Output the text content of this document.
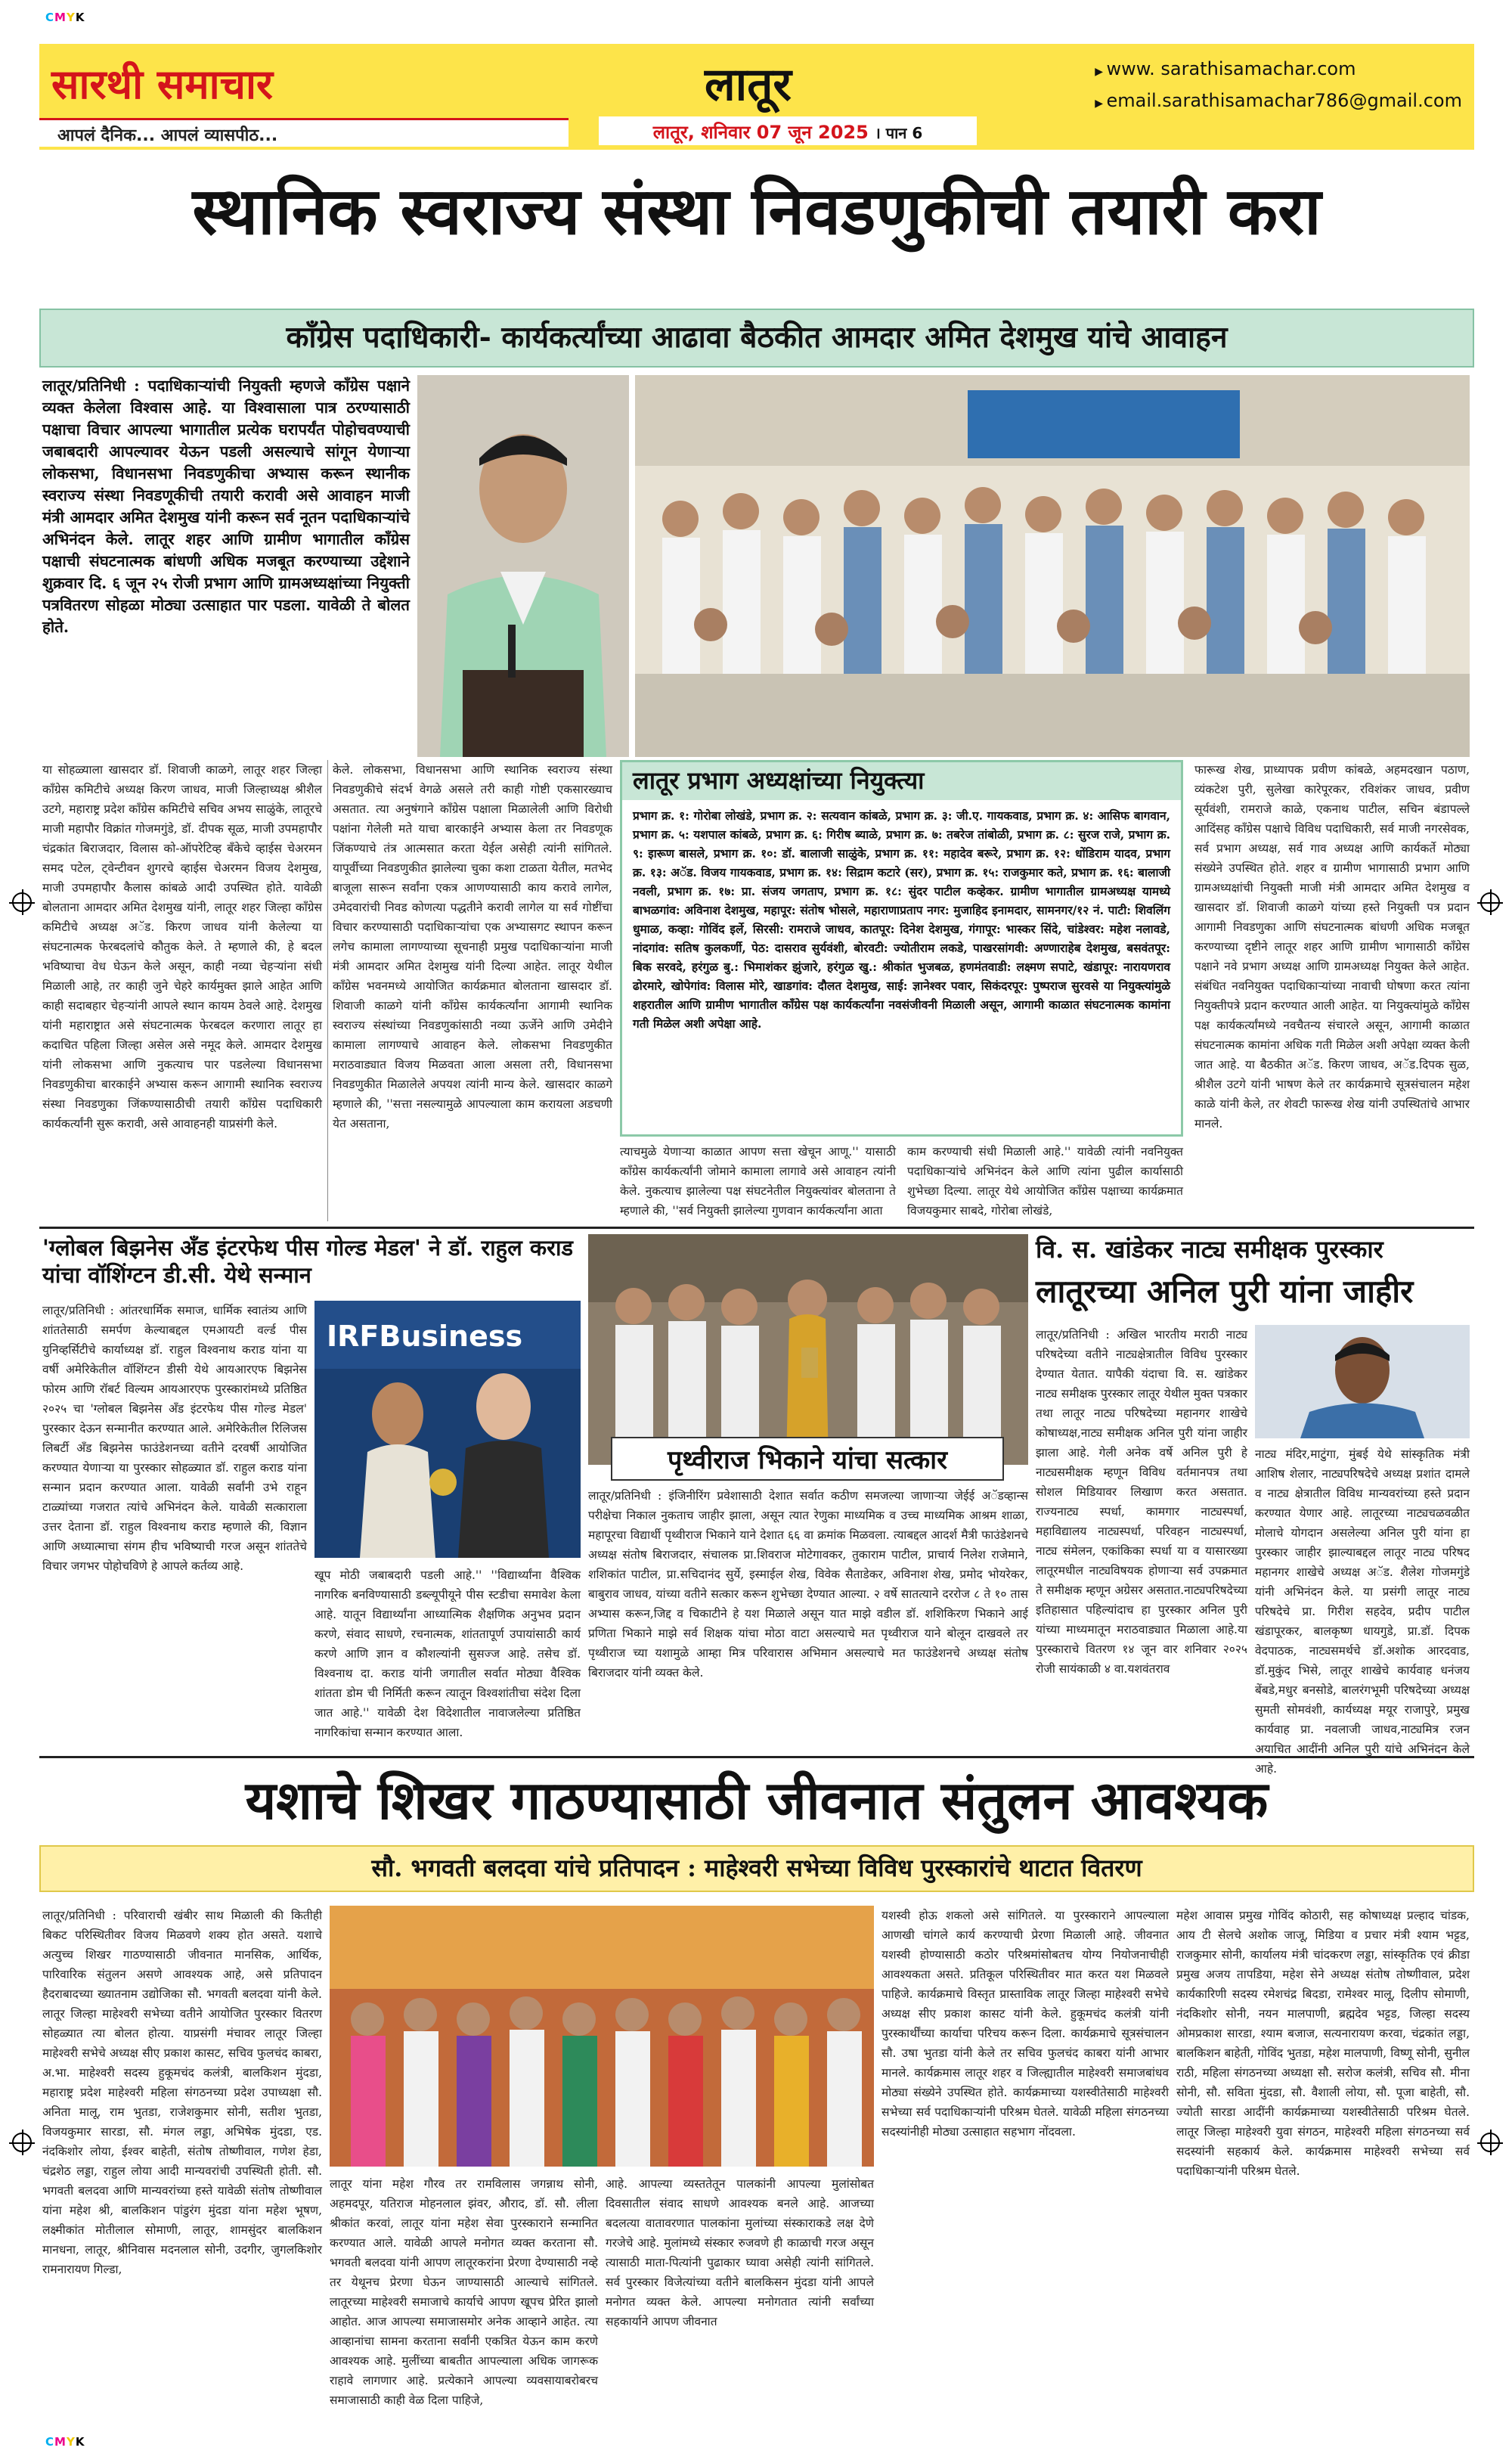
CMYK
CMYK
सारथी समाचार
आपलं दैनिक... आपलं व्यासपीठ...
लातूर
लातूर, शनिवार 07 जून 2025 । पान 6
▶ www. sarathisamachar.com
▶ email.sarathisamachar786@gmail.com
स्थानिक स्वराज्य संस्था निवडणुकीची तयारी करा
काँग्रेस पदाधिकारी- कार्यकर्त्यांच्या आढावा बैठकीत आमदार अमित देशमुख यांचे आवाहन
लातूर/प्रतिनिधी : पदाधिकाऱ्यांची नियुक्ती म्हणजे काँग्रेस पक्षाने व्यक्त केलेला विश्वास आहे. या विश्वासाला पात्र ठरण्यासाठी पक्षाचा विचार आपल्या भागातील प्रत्येक घरापर्यंत पोहोचवण्याची जबाबदारी आपल्यावर येऊन पडली असल्याचे सांगून येणाऱ्या लोकसभा, विधानसभा निवडणुकीचा अभ्यास करून स्थानीक स्वराज्य संस्था निवडणूकीची तयारी करावी असे आवाहन माजी मंत्री आमदार अमित देशमुख यांनी करून सर्व नूतन पदाधिकाऱ्यांचे अभिनंदन केले. लातूर शहर आणि ग्रामीण भागातील काँग्रेस पक्षाची संघटनात्मक बांधणी अधिक मजबूत करण्याच्या उद्देशाने शुक्रवार दि. ६ जून २५ रोजी प्रभाग आणि ग्रामअध्यक्षांच्या नियुक्ती पत्रवितरण सोहळा मोठ्या उत्साहात पार पडला. यावेळी ते बोलत होते.
या सोहळ्याला खासदार डॉ. शिवाजी काळगे, लातूर शहर जिल्हा काँग्रेस कमिटीचे अध्यक्ष किरण जाधव, माजी जिल्हाध्यक्ष श्रीशैल उटगे, महाराष्ट्र प्रदेश काँग्रेस कमिटीचे सचिव अभय साळुंके, लातूरचे माजी महापौर विक्रांत गोजमगुंडे, डॉ. दीपक सूळ, माजी उपमहापौर चंद्रकांत बिराजदार, विलास को-ऑपरेटिव्ह बँकेचे व्हाईस चेअरमन समद पटेल, ट्वेन्टीवन शुगरचे व्हाईस चेअरमन विजय देशमुख, माजी उपमहापौर कैलास कांबळे आदी उपस्थित होते. यावेळी बोलताना आमदार अमित देशमुख यांनी, लातूर शहर जिल्हा काँग्रेस कमिटीचे अध्यक्ष अॅड. किरण जाधव यांनी केलेल्या या संघटनात्मक फेरबदलांचे कौतुक केले. ते म्हणाले की, हे बदल भविष्याचा वेध घेऊन केले असून, काही नव्या चेहऱ्यांना संधी मिळाली आहे, तर काही जुने चेहरे कार्यमुक्त झाले आहेत आणि काही सदाबहार चेहऱ्यांनी आपले स्थान कायम ठेवले आहे. देशमुख यांनी महाराष्ट्रात असे संघटनात्मक फेरबदल करणारा लातूर हा कदाचित पहिला जिल्हा असेल असे नमूद केले. आमदार देशमुख यांनी लोकसभा आणि नुकत्याच पार पडलेल्या विधानसभा निवडणुकीचा बारकाईने अभ्यास करून आगामी स्थानिक स्वराज्य संस्था निवडणुका जिंकण्यासाठीची तयारी काँग्रेस पदाधिकारी कार्यकर्त्यांनी सुरू करावी, असे आवाहनही याप्रसंगी केले.
केले. लोकसभा, विधानसभा आणि स्थानिक स्वराज्य संस्था निवडणुकीचे संदर्भ वेगळे असले तरी काही गोष्टी एकसारख्याच असतात. त्या अनुषंगाने काँग्रेस पक्षाला मिळालेली आणि विरोधी पक्षांना गेलेली मते याचा बारकाईने अभ्यास केला तर निवडणूक जिंकण्याचे तंत्र आत्मसात करता येईल असेही त्यांनी सांगितले. यापूर्वीच्या निवडणुकीत झालेल्या चुका कशा टाळता येतील, मतभेद बाजूला सारून सर्वांना एकत्र आणण्यासाठी काय करावे लागेल, उमेदवारांची निवड कोणत्या पद्धतीने करावी लागेल या सर्व गोष्टींचा विचार करण्यासाठी पदाधिकाऱ्यांचा एक अभ्यासगट स्थापन करून लगेच कामाला लागण्याच्या सूचनाही प्रमुख पदाधिकाऱ्यांना माजी मंत्री आमदार अमित देशमुख यांनी दिल्या आहेत. लातूर येथील काँग्रेस भवनमध्ये आयोजित कार्यक्रमात बोलताना खासदार डॉ. शिवाजी काळगे यांनी काँग्रेस कार्यकर्त्यांना आगामी स्थानिक स्वराज्य संस्थांच्या निवडणुकांसाठी नव्या ऊर्जेने आणि उमेदीने कामाला लागण्याचे आवाहन केले. लोकसभा निवडणुकीत मराठवाड्यात विजय मिळवता आला असला तरी, विधानसभा निवडणुकीत मिळालेले अपयश त्यांनी मान्य केले. खासदार काळगे म्हणाले की, ''सत्ता नसल्यामुळे आपल्याला काम करायला अडचणी येत असताना,
लातूर प्रभाग अध्यक्षांच्या नियुक्त्या
प्रभाग क्र. १: गोरोबा लोखंडे, प्रभाग क्र. २: सत्यवान कांबळे, प्रभाग क्र. ३: जी.ए. गायकवाड, प्रभाग क्र. ४: आसिफ बागवान, प्रभाग क्र. ५: यशपाल कांबळे, प्रभाग क्र. ६: गिरीष ब्याळे, प्रभाग क्र. ७: तबरेज तांबोळी, प्रभाग क्र. ८: सुरज राजे, प्रभाग क्र. ९: इारूण बासले, प्रभाग क्र. १०: डॉ. बालाजी साळुंके, प्रभाग क्र. ११: महादेव बरूरे, प्रभाग क्र. १२: धोंडिराम यादव, प्रभाग क्र. १३: अॅड. विजय गायकवाड, प्रभाग क्र. १४: सिद्राम कटारे (सर), प्रभाग क्र. १५: राजकुमार कते, प्रभाग क्र. १६: बालाजी नवली, प्रभाग क्र. १७: प्रा. संजय जगताप, प्रभाग क्र. १८: सुंदर पाटील कव्हेकर. ग्रामीण भागातील ग्रामअध्यक्ष यामध्ये बाभळगांव: अविनाश देशमुख, महापूर: संतोष भोसले, महाराणाप्रताप नगर: मुजाहिद इनामदार, सामनगर/१२ नं. पाटी: शिवलिंग धुमाळ, कव्हा: गोविंद इर्ले, सिरसी: रामराजे जाधव, कातपूर: दिनेश देशमुख, गंगापूर: भास्कर सिंदे, चांडेश्वर: महेश नलावडे, नांदगांव: सतिष कुलकर्णी, पेठ: दासराव सुर्यवंशी, बोरवटी: ज्योतीराम लकडे, पाखरसांगवी: अण्णाराहेब देशमुख, बसवंतपूर: बिक सरवदे, हरंगुळ बु.: भिमाशंकर झुंजारे, हरंगुळ खु.: श्रीकांत भुजबळ, हणमंतवाडी: लक्ष्मण सपाटे, खंडापूर: नारायणराव ढोरमारे, खोपेगांव: विलास मोरे, खाडगांव: दौलत देशमुख, साई: ज्ञानेश्वर पवार, सिकंदरपूर: पुष्पराज सुरवसे या नियुक्त्यांमुळे शहरातील आणि ग्रामीण भागातील काँग्रेस पक्ष कार्यकर्त्यांना नवसंजीवनी मिळाली असून, आगामी काळात संघटनात्मक कामांना गती मिळेल अशी अपेक्षा आहे.
त्याचमुळे येणाऱ्या काळात आपण सत्ता खेचून आणू.'' यासाठी काँग्रेस कार्यकर्त्यांनी जोमाने कामाला लागावे असे आवाहन त्यांनी केले. नुकत्याच झालेल्या पक्ष संघटनेतील नियुक्त्यांवर बोलताना ते म्हणाले की, ''सर्व नियुक्ती झालेल्या गुणवान कार्यकर्त्यांना आता
काम करण्याची संधी मिळाली आहे.'' यावेळी त्यांनी नवनियुक्त पदाधिकाऱ्यांचे अभिनंदन केले आणि त्यांना पुढील कार्यासाठी शुभेच्छा दिल्या. लातूर येथे आयोजित काँग्रेस पक्षाच्या कार्यक्रमात विजयकुमार साबदे, गोरोबा लोखंडे,
फारूख शेख, प्राध्यापक प्रवीण कांबळे, अहमदखान पठाण, व्यंकटेश पुरी, सुलेखा कारेपूरकर, रविशंकर जाधव, प्रवीण सूर्यवंशी, रामराजे काळे, एकनाथ पाटील, सचिन बंडापल्ले आदिंसह काँग्रेस पक्षाचे विविध पदाधिकारी, सर्व माजी नगरसेवक, सर्व प्रभाग अध्यक्ष, सर्व गाव अध्यक्ष आणि कार्यकर्ते मोठ्या संख्येने उपस्थित होते. शहर व ग्रामीण भागासाठी प्रभाग आणि ग्रामअध्यक्षांची नियुक्ती माजी मंत्री आमदार अमित देशमुख व खासदार डॉ. शिवाजी काळगे यांच्या हस्ते नियुक्ती पत्र प्रदान आगामी निवडणुका आणि संघटनात्मक बांधणी अधिक मजबूत करण्याच्या दृष्टीने लातूर शहर आणि ग्रामीण भागासाठी काँग्रेस पक्षाने नवे प्रभाग अध्यक्ष आणि ग्रामअध्यक्ष नियुक्त केले आहेत. संबंधित नवनियुक्त पदाधिकाऱ्यांच्या नावाची घोषणा करत त्यांना नियुक्तीपत्रे प्रदान करण्यात आली आहेत. या नियुक्त्यांमुळे काँग्रेस पक्ष कार्यकर्त्यांमध्ये नवचैतन्य संचारले असून, आगामी काळात संघटनात्मक कामांना अधिक गती मिळेल अशी अपेक्षा व्यक्त केली जात आहे. या बैठकीत अॅड. किरण जाधव, अॅड.दिपक सुळ, श्रीशैल उटगे यांनी भाषण केले तर कार्यक्रमाचे सूत्रसंचालन महेश काळे यांनी केले, तर शेवटी फारूख शेख यांनी उपस्थितांचे आभार मानले.
'ग्लोबल बिझनेस अँड इंटरफेथ पीस गोल्ड मेडल' ने डॉ. राहुल कराड यांचा वॉशिंग्टन डी.सी. येथे सन्मान
लातूर/प्रतिनिधी : आंतरधार्मिक समाज, धार्मिक स्वातंत्र्य आणि शांततेसाठी समर्पण केल्याबद्दल एमआयटी वर्ल्ड पीस युनिव्हर्सिटीचे कार्याध्यक्ष डॉ. राहुल विश्वनाथ कराड यांना या वर्षी अमेरिकेतील वॉशिंग्टन डीसी येथे आयआरएफ बिझनेस फोरम आणि रॉबर्ट विल्यम आयआरएफ पुरस्कारांमध्ये प्रतिष्ठित २०२५ चा 'ग्लोबल बिझनेस अँड इंटरफेथ पीस गोल्ड मेडल' पुरस्कार देऊन सन्मानीत करण्यात आले. अमेरिकेतील रिलिजस लिबर्टी अँड बिझनेस फाउंडेशनच्या वतीने दरवर्षी आयोजित करण्यात येणाऱ्या या पुरस्कार सोहळ्यात डॉ. राहुल कराड यांना सन्मान प्रदान करण्यात आला. यावेळी सर्वांनी उभे राहून टाळ्यांच्या गजरात त्यांचे अभिनंदन केले. यावेळी सत्काराला उत्तर देताना डॉ. राहुल विश्वनाथ कराड म्हणाले की, विज्ञान आणि अध्यात्माचा संगम हीच भविष्याची गरज असून शांततेचे विचार जगभर पोहोचविणे हे आपले कर्तव्य आहे.
IRFBusiness
खूप मोठी जबाबदारी पडली आहे.'' ''विद्यार्थ्यांना वैश्विक नागरिक बनविण्यासाठी डब्ल्यूपीयूने पीस स्टडीचा समावेश केला आहे. यातून विद्यार्थ्यांना आध्यात्मिक शैक्षणिक अनुभव प्रदान करणे, संवाद साधणे, रचनात्मक, शांततापूर्ण उपायांसाठी कार्य करणे आणि ज्ञान व कौशल्यांनी सुसज्ज आहे. तसेच डॉ. विश्वनाथ दा. कराड यांनी जगातील सर्वात मोठ्या वैश्विक शांतता डोम ची निर्मिती करून त्यातून विश्वशांतीचा संदेश दिला जात आहे.'' यावेळी देश विदेशातील नावाजलेल्या प्रतिष्ठित नागरिकांचा सन्मान करण्यात आला.
पृथ्वीराज भिकाने यांचा सत्कार
लातूर/प्रतिनिधी : इंजिनीरिंग प्रवेशासाठी देशात सर्वात कठीण समजल्या जाणाऱ्या जेईई अॅडव्हान्स परीक्षेचा निकाल नुकताच जाहीर झाला, असून त्यात रेणुका माध्यमिक व उच्च माध्यमिक आश्रम शाळा, महापूरचा विद्यार्थी पृथ्वीराज भिकाने याने देशात ६६ वा क्रमांक मिळवला. त्याबद्दल आदर्श मैत्री फाउंडेशनचे अध्यक्ष संतोष बिराजदार, संचालक प्रा.शिवराज मोटेगावकर, तुकाराम पाटील, प्राचार्य निलेश राजेमाने, शशिकांत पाटील, प्रा.सचिदानंद सुर्ये, इस्माईल शेख, विवेक सैताडेकर, अविनाश शेख, प्रमोद भोयरेकर, बाबुराव जाधव, यांच्या वतीने सत्कार करून शुभेच्छा देण्यात आल्या. २ वर्षे सातत्याने दररोज ८ ते १० तास अभ्यास करून,जिद्द व चिकाटीने हे यश मिळाले असून यात माझे वडील डॉ. शशिकिरण भिकाने आई प्रणिता भिकाने माझे सर्व शिक्षक यांचा मोठा वाटा असल्याचे मत पृथ्वीराज याने बोलून दाखवले तर पृथ्वीराज च्या यशामुळे आम्हा मित्र परिवारास अभिमान असल्याचे मत फाउंडेशनचे अध्यक्ष संतोष बिराजदार यांनी व्यक्त केले.
वि. स. खांडेकर नाट्य समीक्षक पुरस्कार
लातूरच्या अनिल पुरी यांना जाहीर
लातूर/प्रतिनिधी : अखिल भारतीय मराठी नाट्य परिषदेच्या वतीने नाट्यक्षेत्रातील विविध पुरस्कार देण्यात येतात. यापैकी यंदाचा वि. स. खांडेकर नाट्य समीक्षक पुरस्कार लातूर येथील मुक्त पत्रकार तथा लातूर नाट्य परिषदेच्या महानगर शाखेचे कोषाध्यक्ष,नाट्य समीक्षक अनिल पुरी यांना जाहीर झाला आहे. गेली अनेक वर्षे अनिल पुरी हे नाट्यसमीक्षक म्हणून विविध वर्तमानपत्र तथा सोशल मिडियावर लिखाण करत असतात. राज्यनाट्य स्पर्धा, कामगार नाट्यस्पर्धा, महाविद्यालय नाट्यस्पर्धा, परिवहन नाट्यस्पर्धा, नाट्य संमेलन, एकांकिका स्पर्धा या व यासारख्या लातूरमधील नाट्यविषयक होणाऱ्या सर्व उपक्रमात ते समीक्षक म्हणून अग्रेसर असतात.नाट्यपरिषदेच्या इतिहासात पहिल्यांदाच हा पुरस्कार अनिल पुरी यांच्या माध्यमातून मराठवाड्यात मिळाला आहे.या पुरस्काराचे वितरण १४ जून वार शनिवार २०२५ रोजी सायंकाळी ४ वा.यशवंतराव
नाट्य मंदिर,माटुंगा, मुंबई येथे सांस्कृतिक मंत्री आशिष शेलार, नाट्यपरिषदेचे अध्यक्ष प्रशांत दामले व नाट्य क्षेत्रातील विविध मान्यवरांच्या हस्ते प्रदान करण्यात येणार आहे. लातूरच्या नाट्यचळवळीत मोलाचे योगदान असलेल्या अनिल पुरी यांना हा पुरस्कार जाहीर झाल्याबद्दल लातूर नाट्य परिषद महानगर शाखेचे अध्यक्ष अॅड. शैलेश गोजमगुंडे यांनी अभिनंदन केले. या प्रसंगी लातूर नाट्य परिषदेचे प्रा. गिरीश सहदेव, प्रदीप पाटील खंडापूरकर, बालकृष्ण धायगुडे, प्रा.डॉ. दिपक वेदपाठक, नाट्यसमर्थचे डॉ.अशोक आरदवाड, डॉ.मुकुंद भिसे, लातूर शाखेचे कार्यवाह धनंजय बेंबडे,मधुर बनसोडे, बालरंगभूमी परिषदेच्या अध्यक्ष सुमती सोमवंशी, कार्यध्यक्ष मयूर राजापुरे, प्रमुख कार्यवाह प्रा. नवलाजी जाधव,नाट्यमित्र रजन अयाचित आदींनी अनिल पुरी यांचे अभिनंदन केले आहे.
यशाचे शिखर गाठण्यासाठी जीवनात संतुलन आवश्यक
सौ. भगवती बलदवा यांचे प्रतिपादन : माहेश्वरी सभेच्या विविध पुरस्कारांचे थाटात वितरण
लातूर/प्रतिनिधी : परिवाराची खंबीर साथ मिळाली की कितीही बिकट परिस्थितीवर विजय मिळवणे शक्य होत असते. यशाचे अत्युच्च शिखर गाठण्यासाठी जीवनात मानसिक, आर्थिक, पारिवारिक संतुलन असणे आवश्यक आहे, असे प्रतिपादन हैदराबादच्या ख्यातनाम उद्योजिका सौ. भगवती बलदवा यांनी केले. लातूर जिल्हा माहेश्वरी सभेच्या वतीने आयोजित पुरस्कार वितरण सोहळ्यात त्या बोलत होत्या. याप्रसंगी मंचावर लातूर जिल्हा माहेश्वरी सभेचे अध्यक्ष सीए प्रकाश कासट, सचिव फुलचंद काबरा, अ.भा. माहेश्वरी सदस्य हुकूमचंद कलंत्री, बालकिशन मुंदडा, महाराष्ट्र प्रदेश माहेश्वरी महिला संगठनच्या प्रदेश उपाध्यक्षा सौ. अनिता मालू, राम भुतडा, राजेशकुमार सोनी, सतीश भुतडा, विजयकुमार सारडा, सौ. मंगल लड्डा, अभिषेक मुंदडा, एड. नंदकिशोर लोया, ईश्वर बाहेती, संतोष तोष्णीवाल, गणेश हेडा, चंद्रशेठ लड्डा, राहुल लोया आदी मान्यवरांची उपस्थिती होती. सौ. भगवती बलदवा आणि मान्यवरांच्या हस्ते यावेळी संतोष तोष्णीवाल यांना महेश श्री, बालकिशन पांडुरंग मुंदडा यांना महेश भूषण, लक्ष्मीकांत मोतीलाल सोमाणी, लातूर, शामसुंदर बालकिशन मानधना, लातूर, श्रीनिवास मदनलाल सोनी, उदगीर, जुगलकिशोर रामनारायण गिल्डा,
लातूर यांना महेश गौरव तर रामविलास जगन्नाथ सोनी, अहमदपूर, यतिराज मोहनलाल झंवर, औराद, डॉ. सौ. लीला श्रीकांत करवां, लातूर यांना महेश सेवा पुरस्काराने सन्मानित करण्यात आले. यावेळी आपले मनोगत व्यक्त करताना सौ. भगवती बलदवा यांनी आपण लातूरकरांना प्रेरणा देण्यासाठी नव्हे तर येथूनच प्रेरणा घेऊन जाण्यासाठी आल्याचे सांगितले. लातूरच्या माहेश्वरी समाजाचे कार्याचे आपण खूपच प्रेरित झालो आहोत. आज आपल्या समाजासमोर अनेक आव्हाने आहेत. त्या आव्हानांचा सामना करताना सर्वांनी एकत्रित येऊन काम करणे आवश्यक आहे. मुलींच्या बाबतीत आपल्याला अधिक जागरूक राहावे लागणार आहे. प्रत्येकाने आपल्या व्यवसायाबरोबरच समाजासाठी काही वेळ दिला पाहिजे,
आहे. आपल्या व्यस्ततेतून पालकांनी आपल्या मुलांसोबत दिवसातील संवाद साधणे आवश्यक बनले आहे. आजच्या बदलत्या वातावरणात पालकांना मुलांच्या संस्काराकडे लक्ष देणे गरजेचे आहे. मुलांमध्ये संस्कार रुजवणे ही काळाची गरज असून त्यासाठी माता-पित्यांनी पुढाकार घ्यावा असेही त्यांनी सांगितले. सर्व पुरस्कार विजेत्यांच्या वतीने बालकिसन मुंदडा यांनी आपले मनोगत व्यक्त केले. आपल्या मनोगतात त्यांनी सर्वांच्या सहकार्याने आपण जीवनात
यशस्वी होऊ शकलो असे सांगितले. या पुरस्काराने आपल्याला आणखी चांगले कार्य करण्याची प्रेरणा मिळाली आहे. जीवनात यशस्वी होण्यासाठी कठोर परिश्रमांसोबतच योग्य नियोजनाचीही आवश्यकता असते. प्रतिकूल परिस्थितीवर मात करत यश मिळवले पाहिजे. कार्यक्रमाचे विस्तृत प्रास्ताविक लातूर जिल्हा माहेश्वरी सभेचे अध्यक्ष सीए प्रकाश कासट यांनी केले. हुकूमचंद कलंत्री यांनी पुरस्कार्थींच्या कार्याचा परिचय करून दिला. कार्यक्रमाचे सूत्रसंचालन सौ. उषा भुतडा यांनी केले तर सचिव फुलचंद काबरा यांनी आभार मानले. कार्यक्रमास लातूर शहर व जिल्ह्यातील माहेश्वरी समाजबांधव मोठ्या संख्येने उपस्थित होते. कार्यक्रमाच्या यशस्वीतेसाठी माहेश्वरी सभेच्या सर्व पदाधिकाऱ्यांनी परिश्रम घेतले. यावेळी महिला संगठनच्या सदस्यांनीही मोठ्या उत्साहात सहभाग नोंदवला.
महेश आवास प्रमुख गोविंद कोठारी, सह कोषाध्यक्ष प्रल्हाद चांडक, आय टी सेलचे अशोक जाजू, मिडिया व प्रचार मंत्री श्याम भट्टड, राजकुमार सोनी, कार्यालय मंत्री चांदकरण लड्डा, सांस्कृतिक एवं क्रीडा प्रमुख अजय तापडिया, महेश सेने अध्यक्ष संतोष तोष्णीवाल, प्रदेश कार्यकारिणी सदस्य रमेशचंद्र बिदडा, रामेश्वर मालू, दिलीप सोमाणी, नंदकिशोर सोनी, नयन मालपाणी, ब्रह्मदेव भट्टड, जिल्हा सदस्य ओमप्रकाश सारडा, श्याम बजाज, सत्यनारायण करवा, चंद्रकांत लड्डा, बालकिशन बाहेती, गोविंद भुतडा, महेश मालपाणी, विष्णू सोनी, सुनील राठी, महिला संगठनच्या अध्यक्षा सौ. सरोज कलंत्री, सचिव सौ. मीना सोनी, सौ. सविता मुंदडा, सौ. वैशाली लोया, सौ. पूजा बाहेती, सौ. ज्योती सारडा आदींनी कार्यक्रमाच्या यशस्वीतेसाठी परिश्रम घेतले. लातूर जिल्हा माहेश्वरी युवा संगठन, माहेश्वरी महिला संगठनच्या सर्व सदस्यांनी सहकार्य केले. कार्यक्रमास माहेश्वरी सभेच्या सर्व पदाधिकाऱ्यांनी परिश्रम घेतले.
